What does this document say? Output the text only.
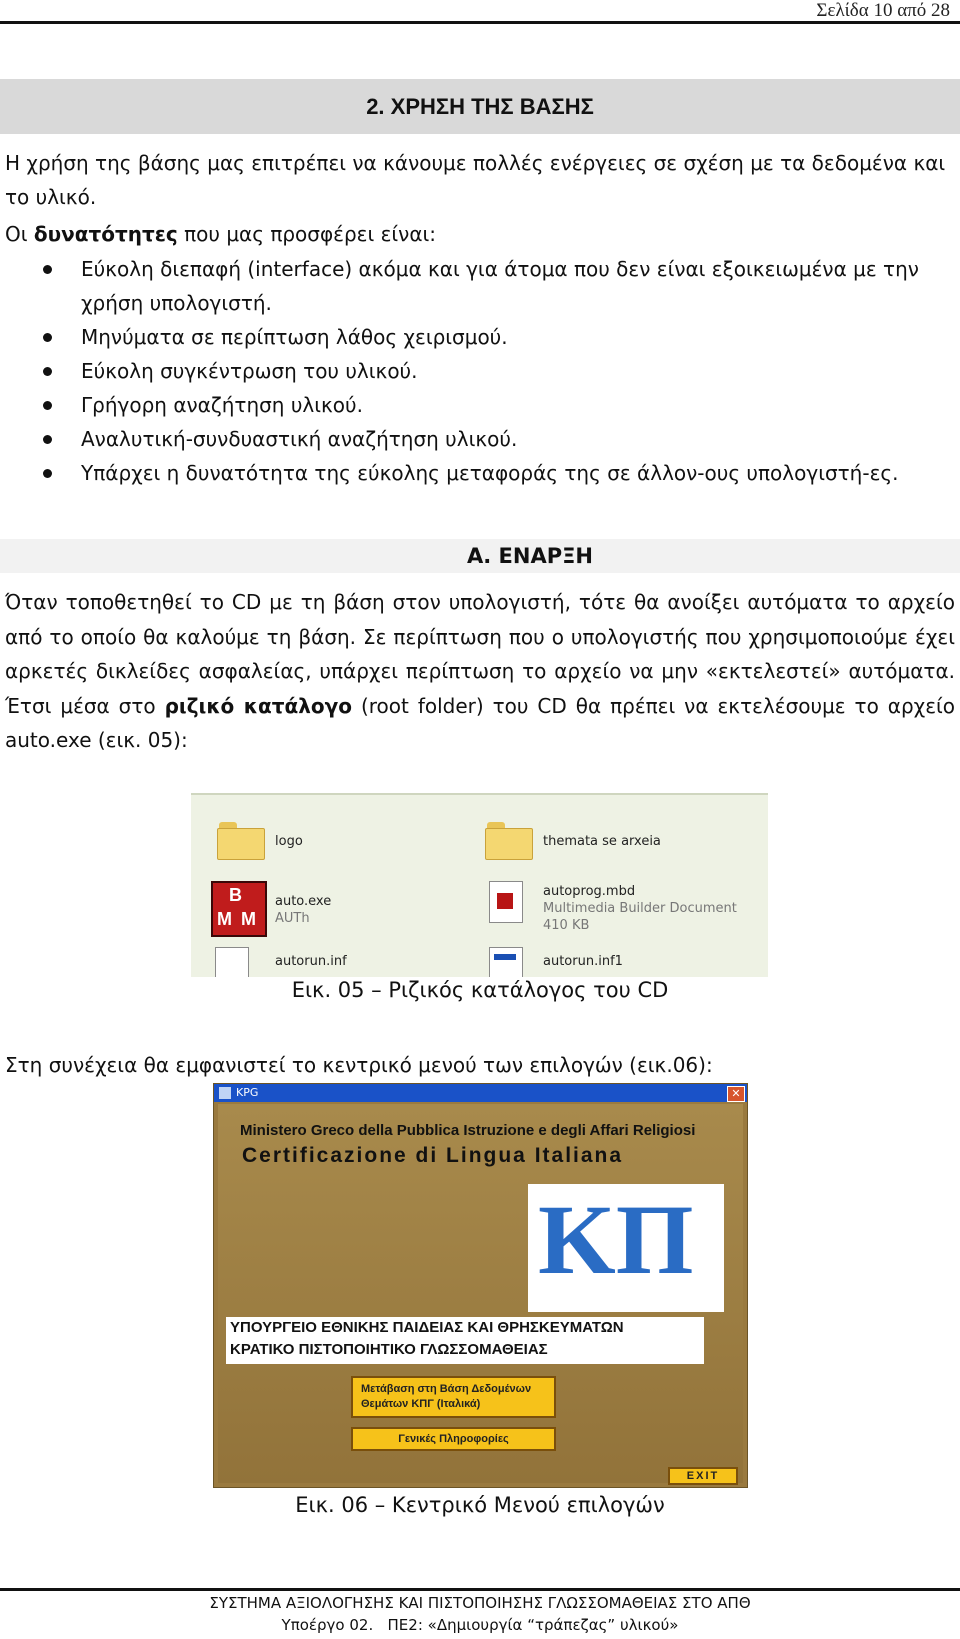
Σελίδα 10 από 28
2. ΧΡΗΣΗ ΤΗΣ ΒΑΣΗΣ
Η χρήση της βάσης μας επιτρέπει να κάνουμε πολλές ενέργειες σε σχέση με τα δεδομένα και το υλικό.
Οι δυνατότητες που μας προσφέρει είναι:
Εύκολη διεπαφή (interface) ακόμα και για άτομα που δεν είναι εξοικειωμένα με την χρήση υπολογιστή.
Μηνύματα σε περίπτωση λάθος χειρισμού.
Εύκολη συγκέντρωση του υλικού.
Γρήγορη αναζήτηση υλικού.
Αναλυτική-συνδυαστική αναζήτηση υλικού.
Υπάρχει η δυνατότητα της εύκολης μεταφοράς της σε άλλον-ους υπολογιστή-ες.
Α. ΕΝΑΡΞΗ
Όταν τοποθετηθεί το CD με τη βάση στον υπολογιστή, τότε θα ανοίξει αυτόματα το αρχείο από το οποίο θα καλούμε τη βάση. Σε περίπτωση που ο υπολογιστής που χρησιμοποιούμε έχει αρκετές δικλείδες ασφαλείας, υπάρχει περίπτωση το αρχείο να μην «εκτελεστεί» αυτόματα. Έτσι μέσα στο ριζικό κατάλογο (root folder) του CD θα πρέπει να εκτελέσουμε το αρχείο auto.exe (εικ. 05):
logo	themata se arxeia
B
M M
auto.exe
AUTh
autoprog.mbd
Multimedia Builder Document
410 KB
autorun.inf	autorun.inf1
Εικ. 05 – Ριζικός κατάλογος του CD
Στη συνέχεια θα εμφανιστεί το κεντρικό μενού των επιλογών (εικ.06):
KPG	✕
Ministero Greco della Pubblica Istruzione e degli Affari Religiosi
Certificazione di Lingua Italiana
ΚΠ
ΥΠΟΥΡΓΕΙΟ ΕΘΝΙΚΗΣ ΠΑΙΔΕΙΑΣ ΚΑΙ ΘΡΗΣΚΕΥΜΑΤΩΝ
ΚΡΑΤΙΚΟ ΠΙΣΤΟΠΟΙΗΤΙΚΟ ΓΛΩΣΣΟΜΑΘΕΙΑΣ
Μετάβαση στη Βάση Δεδομένων
Θεμάτων ΚΠΓ (Ιταλικά)
Γενικές Πληροφορίες
EXIT
Εικ. 06 – Κεντρικό Μενού επιλογών
ΣΥΣΤΗΜΑ ΑΞΙΟΛΟΓΗΣΗΣ ΚΑΙ ΠΙΣΤΟΠΟΙΗΣΗΣ ΓΛΩΣΣΟΜΑΘΕΙΑΣ ΣΤΟ ΑΠΘ
Υποέργο 02.   ΠΕ2: «Δημιουργία “τράπεζας” υλικού»
